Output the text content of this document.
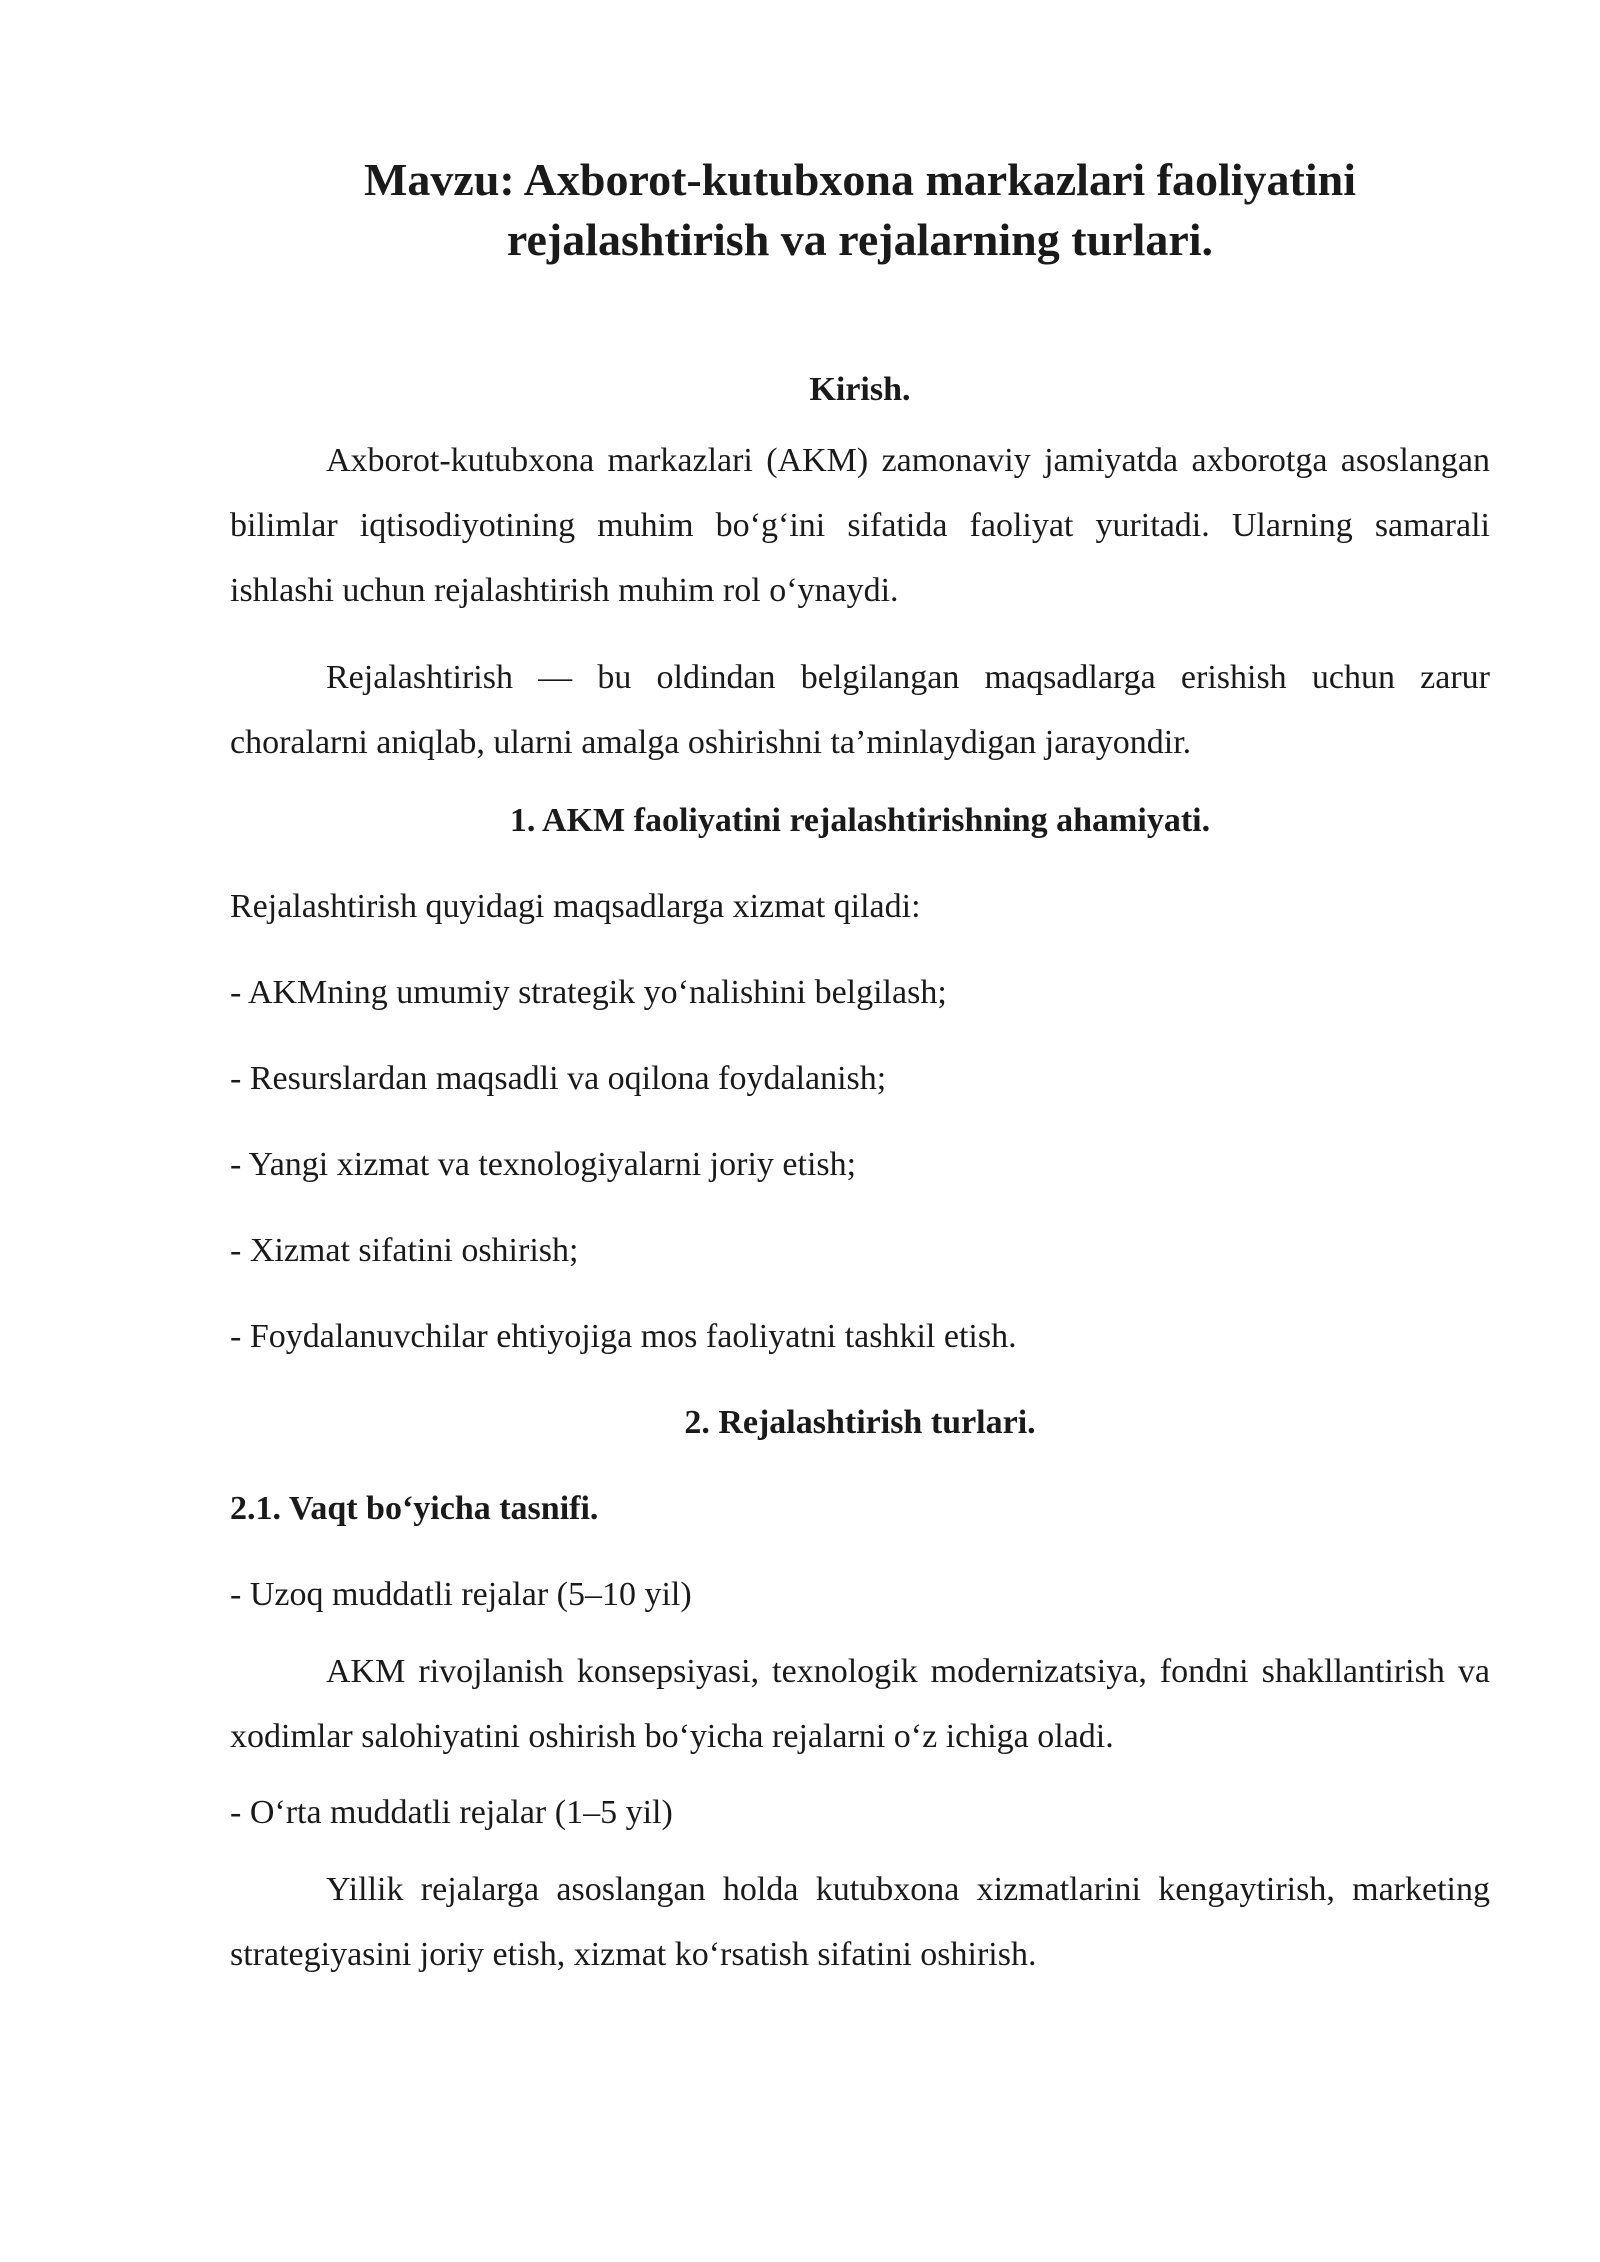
Mavzu: Axborot-kutubxona markazlari faoliyatini
rejalashtirish va rejalarning turlari.
Kirish.

Axborot-kutubxona markazlari (AKM) zamonaviy jamiyatda axborotga asoslangan bilimlar iqtisodiyotining muhim bo‘g‘ini sifatida faoliyat yuritadi. Ularning samarali ishlashi uchun rejalashtirish muhim rol o‘ynaydi.

Rejalashtirish — bu oldindan belgilangan maqsadlarga erishish uchun zarur choralarni aniqlab, ularni amalga oshirishni ta’minlaydigan jarayondir.

1. AKM faoliyatini rejalashtirishning ahamiyati.

Rejalashtirish quyidagi maqsadlarga xizmat qiladi:

- AKMning umumiy strategik yo‘nalishini belgilash;

- Resurslardan maqsadli va oqilona foydalanish;

- Yangi xizmat va texnologiyalarni joriy etish;

- Xizmat sifatini oshirish;

- Foydalanuvchilar ehtiyojiga mos faoliyatni tashkil etish.

2. Rejalashtirish turlari.
2.1. Vaqt bo‘yicha tasnifi.

- Uzoq muddatli rejalar (5–10 yil)

AKM rivojlanish konsepsiyasi, texnologik modernizatsiya, fondni shakllantirish va xodimlar salohiyatini oshirish bo‘yicha rejalarni o‘z ichiga oladi.

- O‘rta muddatli rejalar (1–5 yil)

Yillik rejalarga asoslangan holda kutubxona xizmatlarini kengaytirish, marketing strategiyasini joriy etish, xizmat ko‘rsatish sifatini oshirish.
